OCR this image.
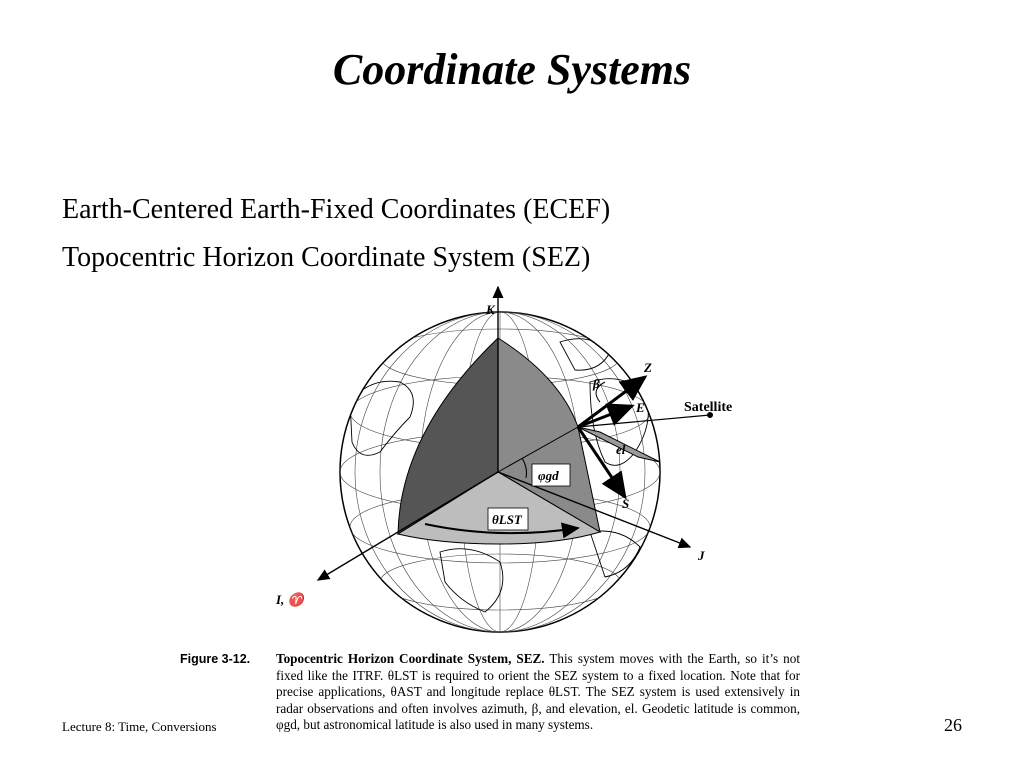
Coordinate Systems
Earth-Centered Earth-Fixed Coordinates (ECEF)
Topocentric Horizon Coordinate System (SEZ)
K
I, ♈
J
Z
E
S
β
Satellite
el
φgd
θLST
Figure 3-12. Topocentric Horizon Coordinate System, SEZ. This system moves with the Earth, so it’s not fixed like the ITRF. θLST is required to orient the SEZ system to a fixed location. Note that for precise applications, θAST and longitude replace θLST. The SEZ system is used extensively in radar observations and often involves azimuth, β, and elevation, el. Geodetic latitude is common, φgd, but astronomical latitude is also used in many systems.
Lecture 8: Time, Conversions	26
